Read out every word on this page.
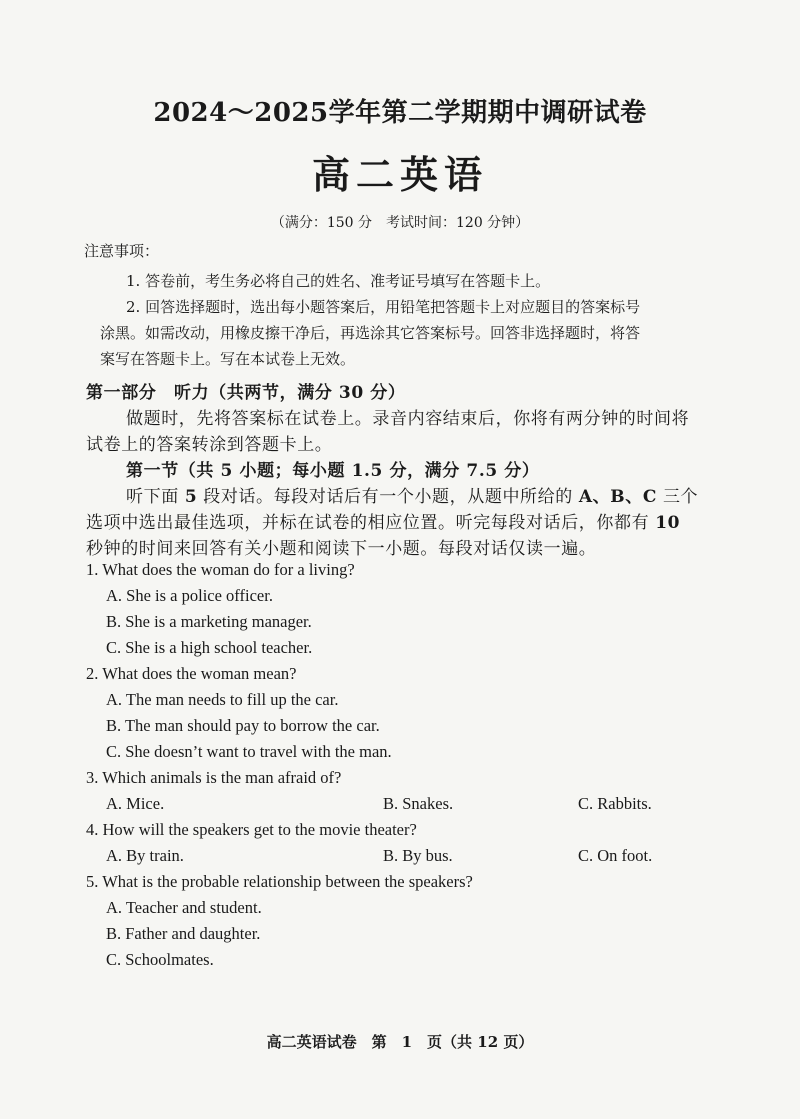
2024～2025学年第二学期期中调研试卷
高二英语
（满分：150 分　考试时间：120 分钟）
注意事项：
1. 答卷前，考生务必将自己的姓名、准考证号填写在答题卡上。
2. 回答选择题时，选出每小题答案后，用铅笔把答题卡上对应题目的答案标号
涂黑。如需改动，用橡皮擦干净后，再选涂其它答案标号。回答非选择题时，将答
案写在答题卡上。写在本试卷上无效。
第一部分　听力（共两节，满分 30 分）
做题时，先将答案标在试卷上。录音内容结束后，你将有两分钟的时间将
试卷上的答案转涂到答题卡上。
第一节（共 5 小题；每小题 1.5 分，满分 7.5 分）
听下面 5 段对话。每段对话后有一个小题，从题中所给的 A、B、C 三个
选项中选出最佳选项，并标在试卷的相应位置。听完每段对话后，你都有 10
秒钟的时间来回答有关小题和阅读下一小题。每段对话仅读一遍。
1. What does the woman do for a living?
A. She is a police officer.
B. She is a marketing manager.
C. She is a high school teacher.
2. What does the woman mean?
A. The man needs to fill up the car.
B. The man should pay to borrow the car.
C. She doesn’t want to travel with the man.
3. Which animals is the man afraid of?
A. Mice.	B. Snakes.	C. Rabbits.
4. How will the speakers get to the movie theater?
A. By train.	B. By bus.	C. On foot.
5. What is the probable relationship between the speakers?
A. Teacher and student.
B. Father and daughter.
C. Schoolmates.
高二英语试卷　第　1　页（共 12 页）
